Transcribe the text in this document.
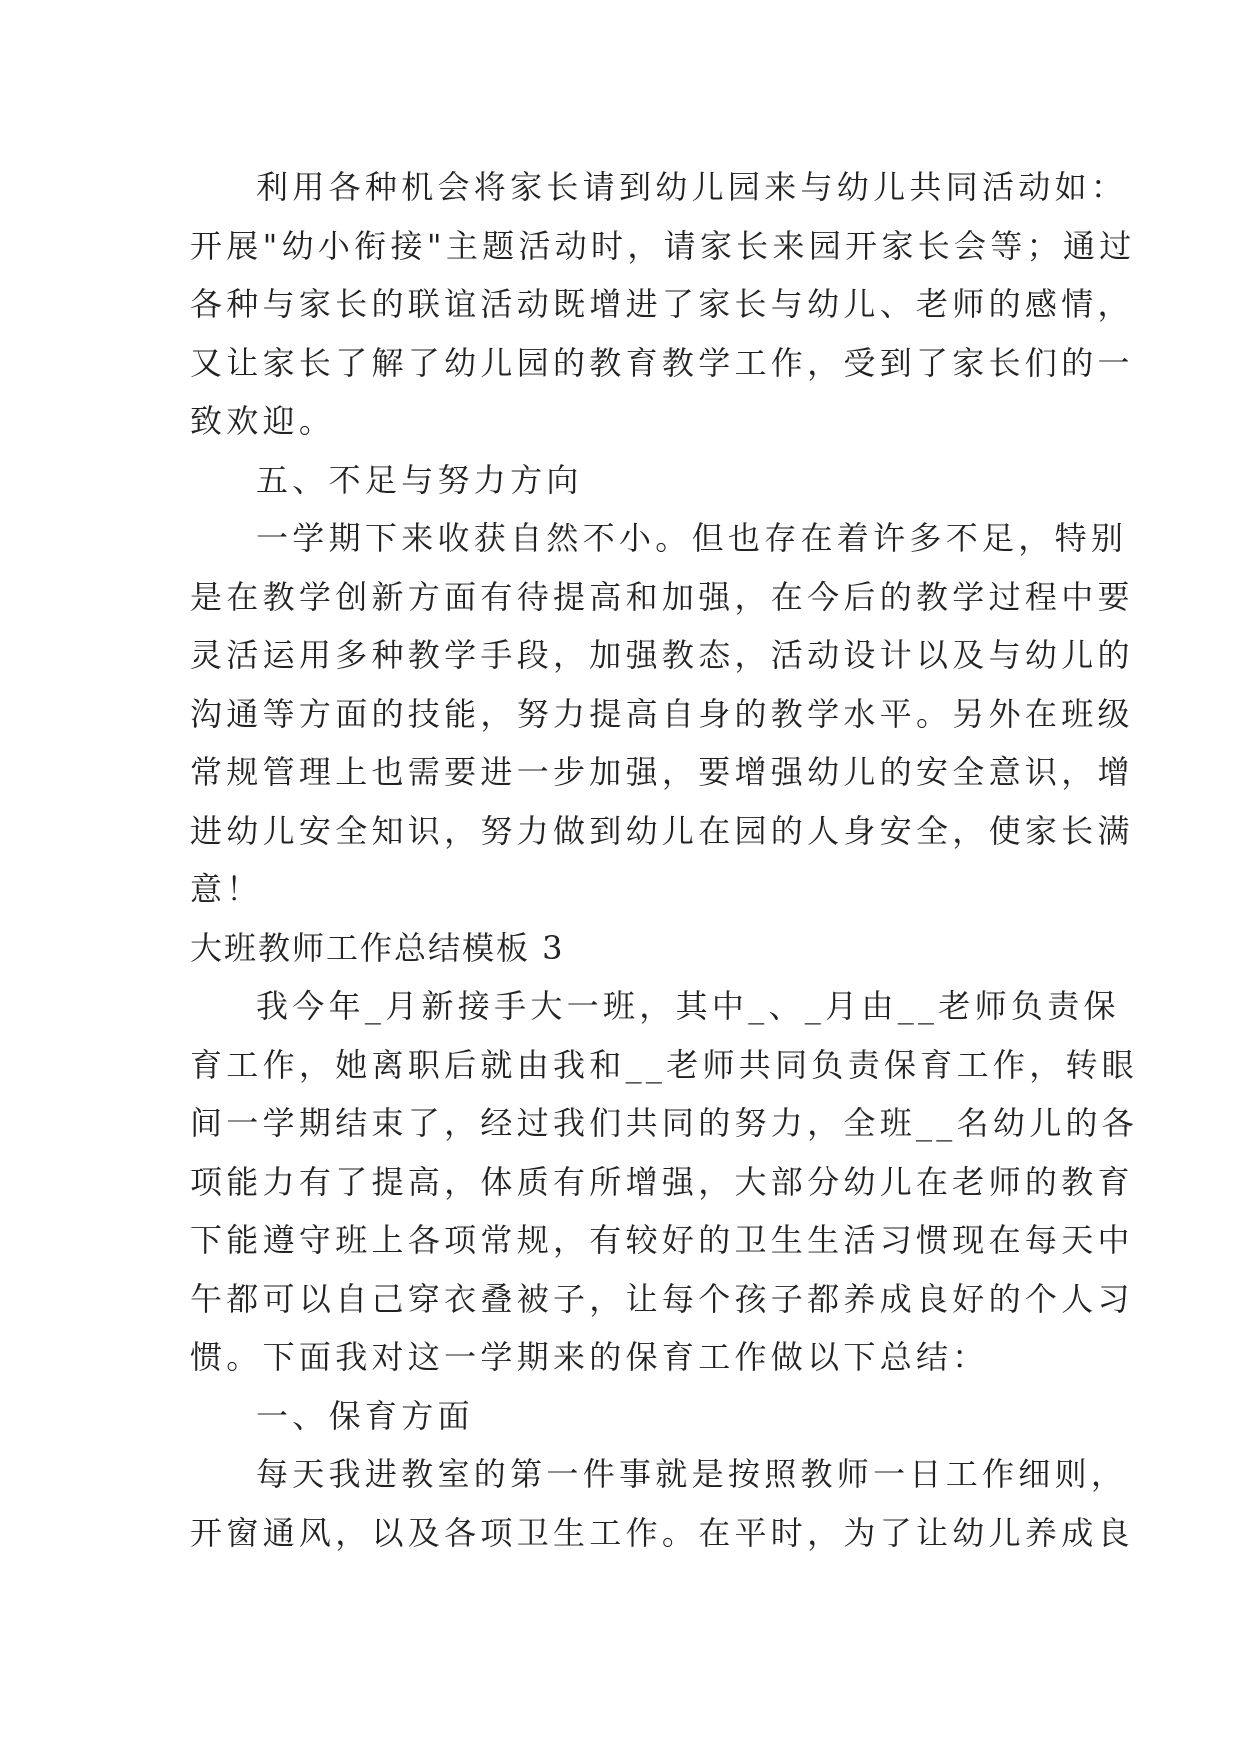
利用各种机会将家长请到幼儿园来与幼儿共同活动如：
开展"幼小衔接"主题活动时，请家长来园开家长会等；通过
各种与家长的联谊活动既增进了家长与幼儿、老师的感情，
又让家长了解了幼儿园的教育教学工作，受到了家长们的一
致欢迎。
五、不足与努力方向
一学期下来收获自然不小。但也存在着许多不足，特别
是在教学创新方面有待提高和加强，在今后的教学过程中要
灵活运用多种教学手段，加强教态，活动设计以及与幼儿的
沟通等方面的技能，努力提高自身的教学水平。另外在班级
常规管理上也需要进一步加强，要增强幼儿的安全意识，增
进幼儿安全知识，努力做到幼儿在园的人身安全，使家长满
意！
大班教师工作总结模板 3
我今年_月新接手大一班，其中_、_月由__老师负责保
育工作，她离职后就由我和__老师共同负责保育工作，转眼
间一学期结束了，经过我们共同的努力，全班__名幼儿的各
项能力有了提高，体质有所增强，大部分幼儿在老师的教育
下能遵守班上各项常规，有较好的卫生生活习惯现在每天中
午都可以自己穿衣叠被子，让每个孩子都养成良好的个人习
惯。下面我对这一学期来的保育工作做以下总结：
一、保育方面
每天我进教室的第一件事就是按照教师一日工作细则，
开窗通风，以及各项卫生工作。在平时，为了让幼儿养成良
